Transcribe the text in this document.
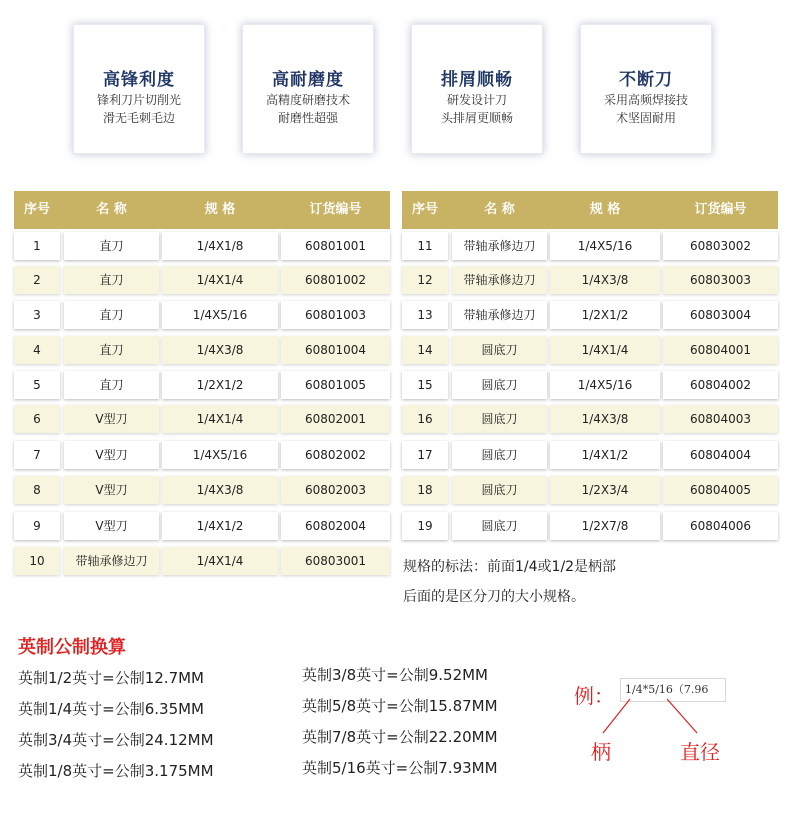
高锋利度
锋利刀片切削光
滑无毛刺毛边
高耐磨度
高精度研磨技术
耐磨性超强
排屑顺畅
研发设计刀
头排屑更顺畅
不断刀
采用高频焊接技
术坚固耐用
序号	名 称	规 格	订货编号
1	直刀	1/4X1/8	60801001
2	直刀	1/4X1/4	60801002
3	直刀	1/4X5/16	60801003
4	直刀	1/4X3/8	60801004
5	直刀	1/2X1/2	60801005
6	V型刀	1/4X1/4	60802001
7	V型刀	1/4X5/16	60802002
8	V型刀	1/4X3/8	60802003
9	V型刀	1/4X1/2	60802004
10	带轴承修边刀	1/4X1/4	60803001
序号	名 称	规 格	订货编号
11	带轴承修边刀	1/4X5/16	60803002
12	带轴承修边刀	1/4X3/8	60803003
13	带轴承修边刀	1/2X1/2	60803004
14	圆底刀	1/4X1/4	60804001
15	圆底刀	1/4X5/16	60804002
16	圆底刀	1/4X3/8	60804003
17	圆底刀	1/4X1/2	60804004
18	圆底刀	1/2X3/4	60804005
19	圆底刀	1/2X7/8	60804006
规格的标法：前面1/4或1/2是柄部
后面的是区分刀的大小规格。
英制公制换算
英制1/2英寸=公制12.7MM
英制1/4英寸=公制6.35MM
英制3/4英寸=公制24.12MM
英制1/8英寸=公制3.175MM
英制3/8英寸=公制9.52MM
英制5/8英寸=公制15.87MM
英制7/8英寸=公制22.20MM
英制5/16英寸=公制7.93MM
例：	1/4*5/16（7.96
柄	直径
